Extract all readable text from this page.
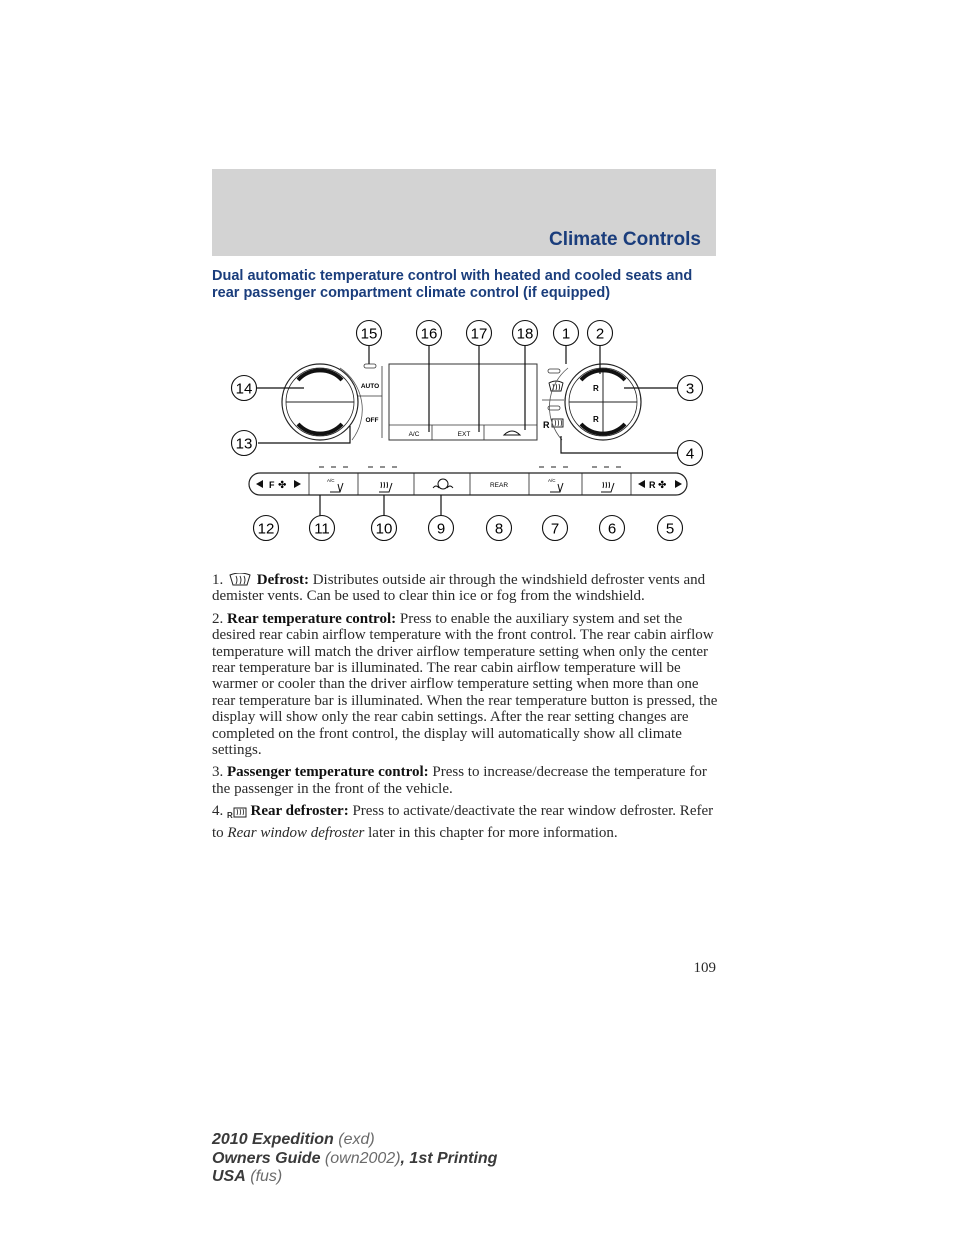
Climate Controls
Dual automatic temperature control with heated and cooled seats and rear passenger compartment climate control (if equipped)
A/C	EXT
AUTO
OFF
R
R
R
F ✤	A/C
REAR
A/C	R ✤
1 2
3
4
5
6
7
8
9
10
11
12
13
14
15	16 17 18

1. Defrost: Distributes outside air through the windshield defroster vents and demister vents. Can be used to clear thin ice or fog from the windshield.

2. Rear temperature control: Press to enable the auxiliary system and set the desired rear cabin airflow temperature with the front control. The rear cabin airflow temperature will match the driver airflow temperature setting when only the center rear temperature bar is illuminated. The rear cabin airflow temperature will be warmer or cooler than the driver airflow temperature setting when more than one rear temperature bar is illuminated. When the rear temperature button is pressed, the display will show only the rear cabin settings. After the rear setting changes are completed on the front control, the display will automatically show all climate settings.

3. Passenger temperature control: Press to increase/decrease the temperature for the passenger in the front of the vehicle.

4. R Rear defroster: Press to activate/deactivate the rear window defroster. Refer to Rear window defroster later in this chapter for more information.

109
2010 Expedition (exd)
Owners Guide (own2002), 1st Printing
USA (fus)
